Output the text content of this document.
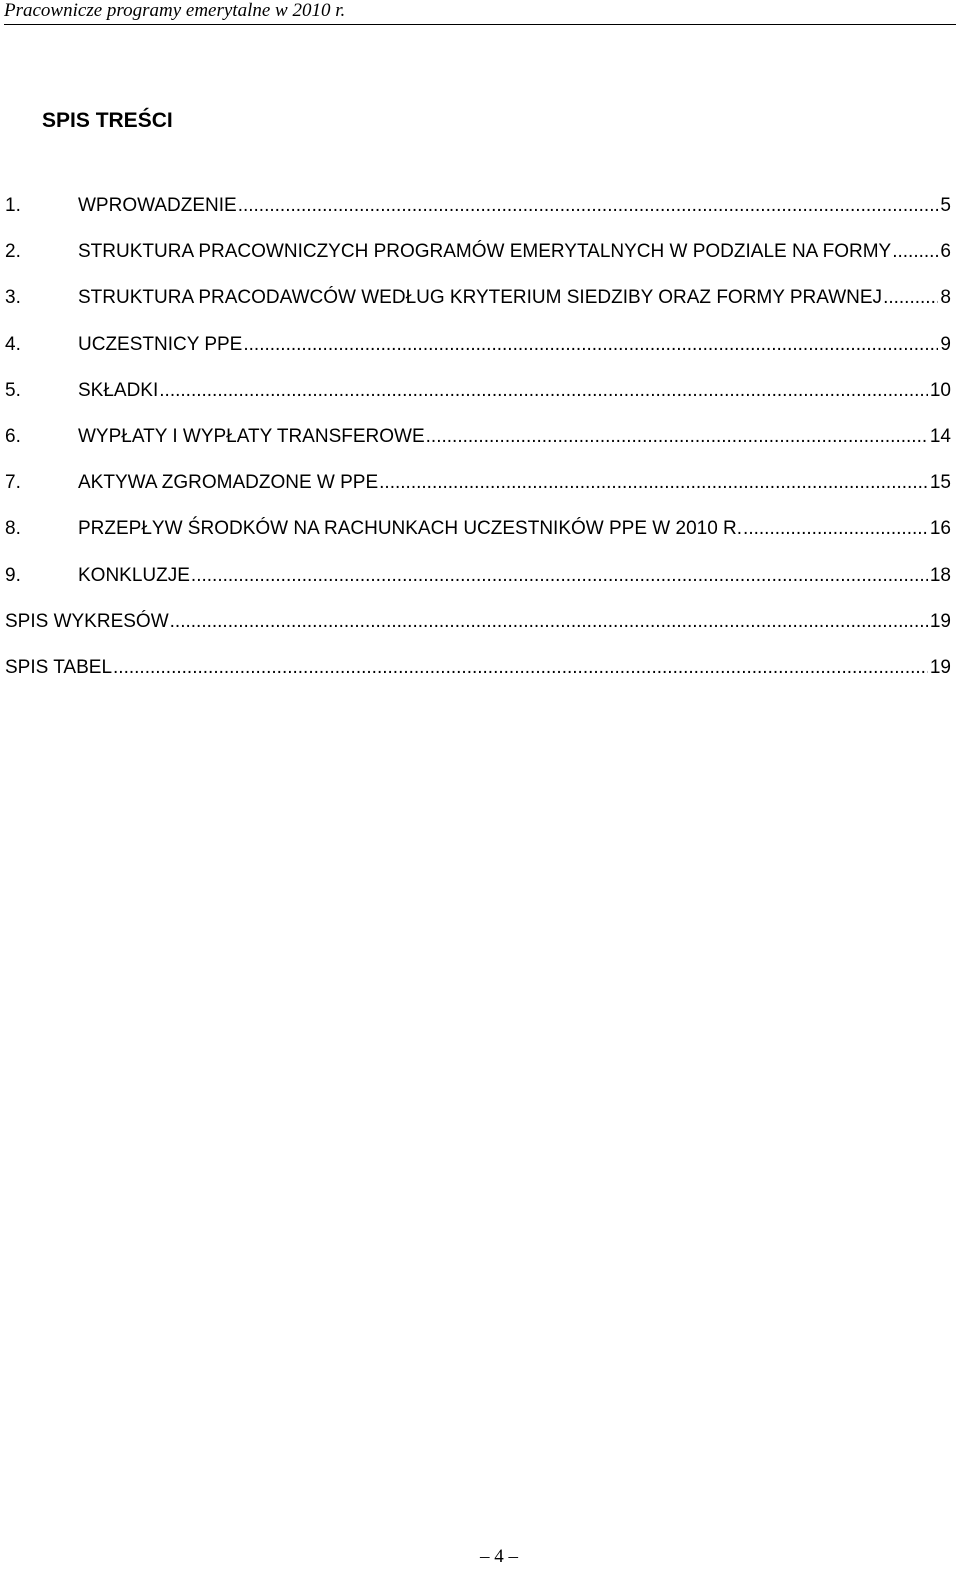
Pracownicze programy emerytalne w 2010 r.
SPIS TREŚCI
1.	WPROWADZENIE .....	5
2.	STRUKTURA PRACOWNICZYCH PROGRAMÓW EMERYTALNYCH W PODZIALE NA FORMY .....	6
3.	STRUKTURA PRACODAWCÓW WEDŁUG KRYTERIUM SIEDZIBY ORAZ FORMY PRAWNEJ .....	8
4.	UCZESTNICY PPE .....	9
5.	SKŁADKI .....	10
6.	WYPŁATY I WYPŁATY TRANSFEROWE .....	14
7.	AKTYWA ZGROMADZONE W PPE .....	15
8.	PRZEPŁYW ŚRODKÓW NA RACHUNKACH UCZESTNIKÓW PPE W 2010 R. .....	16
9.	KONKLUZJE .....	18
SPIS WYKRESÓW .....	19
SPIS TABEL .....	19
– 4 –
